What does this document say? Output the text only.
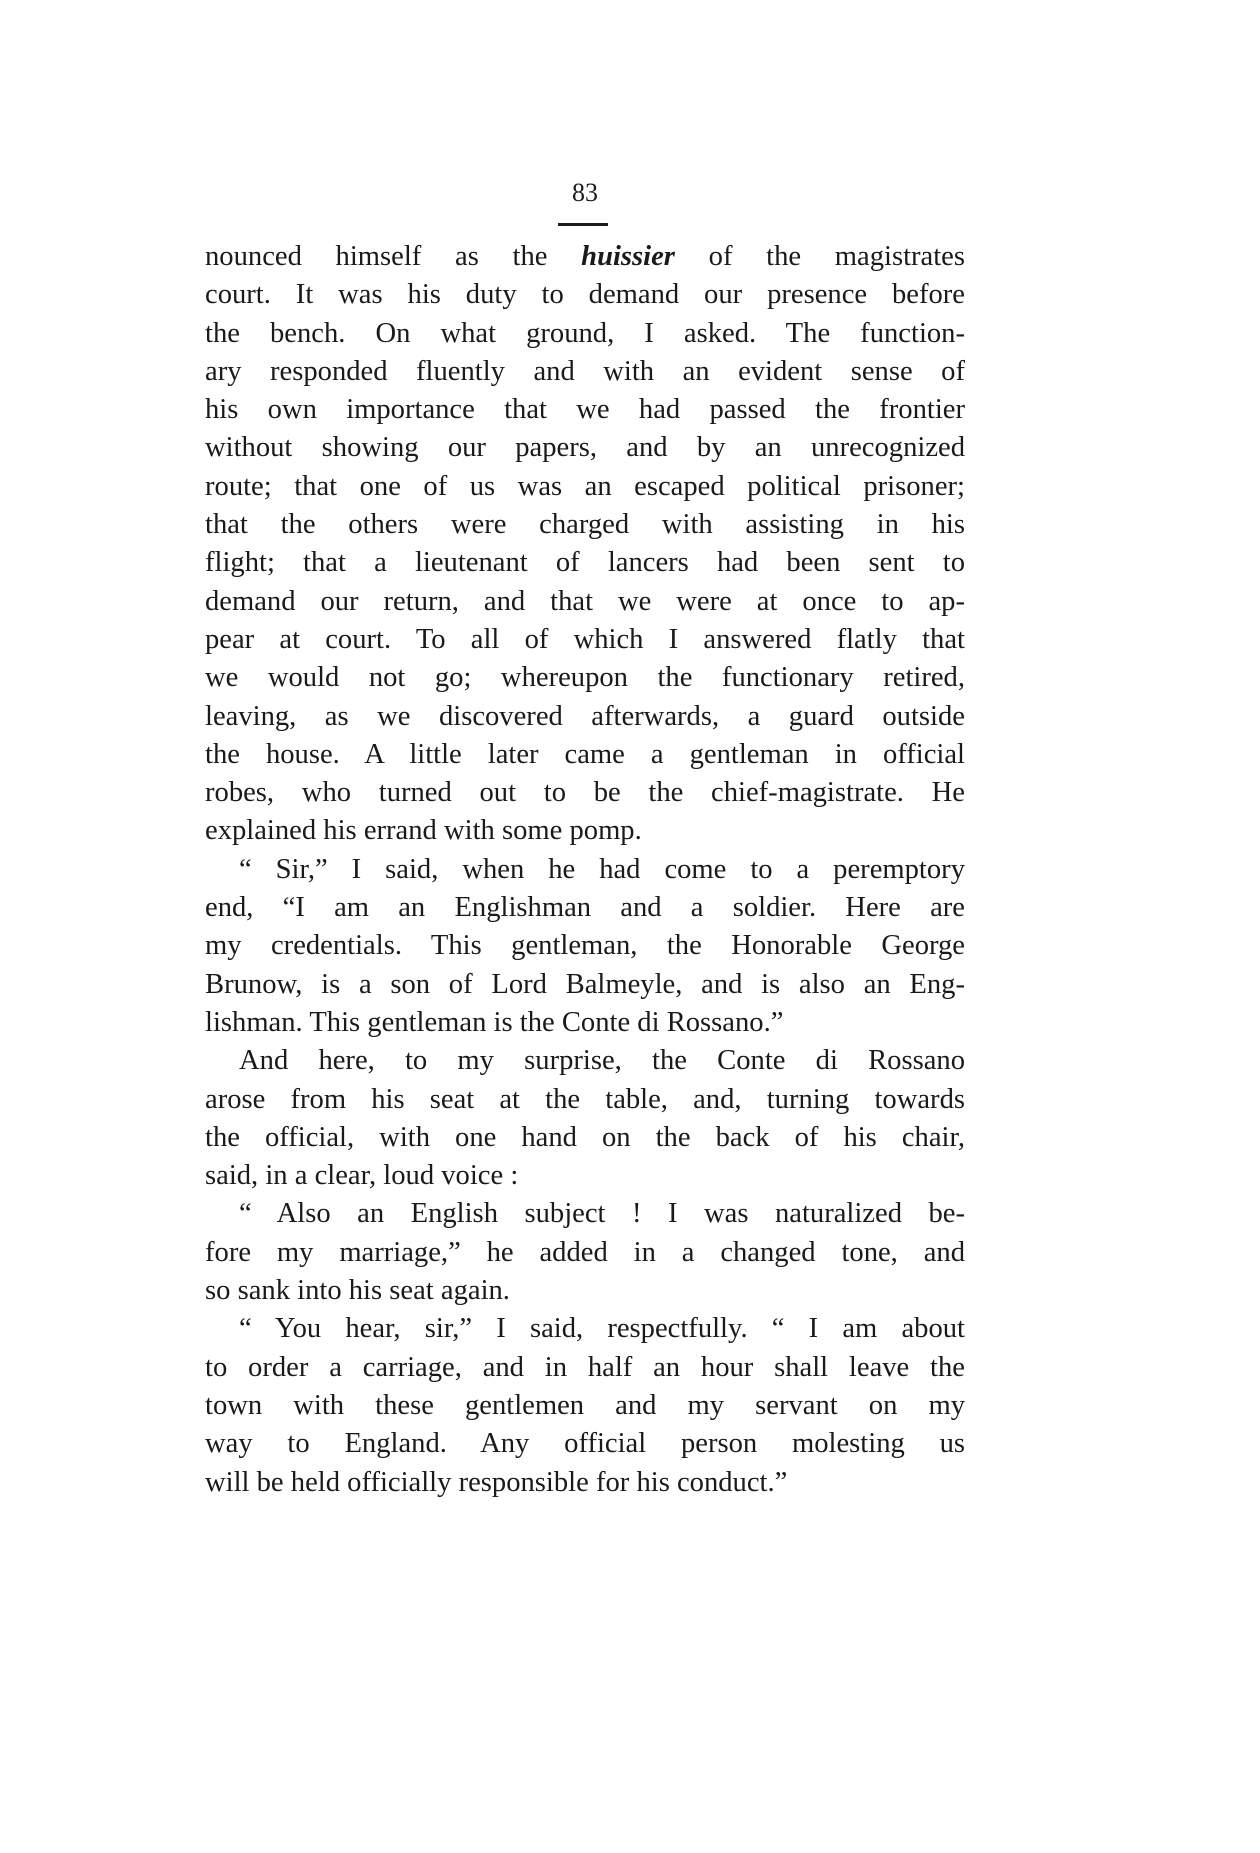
83
nounced himself as the huissier of the magistrates
court. It was his duty to demand our presence before
the bench. On what ground, I asked. The function-
ary responded fluently and with an evident sense of
his own importance that we had passed the frontier
without showing our papers, and by an unrecognized
route; that one of us was an escaped political prisoner;
that the others were charged with assisting in his
flight; that a lieutenant of lancers had been sent to
demand our return, and that we were at once to ap-
pear at court. To all of which I answered flatly that
we would not go; whereupon the functionary retired,
leaving, as we discovered afterwards, a guard outside
the house. A little later came a gentleman in official
robes, who turned out to be the chief-magistrate. He
explained his errand with some pomp.
“ Sir,” I said, when he had come to a peremptory
end, “I am an Englishman and a soldier. Here are
my credentials. This gentleman, the Honorable George
Brunow, is a son of Lord Balmeyle, and is also an Eng-
lishman. This gentleman is the Conte di Rossano.”
And here, to my surprise, the Conte di Rossano
arose from his seat at the table, and, turning towards
the official, with one hand on the back of his chair,
said, in a clear, loud voice :
“ Also an English subject ! I was naturalized be-
fore my marriage,” he added in a changed tone, and
so sank into his seat again.
“ You hear, sir,” I said, respectfully. “ I am about
to order a carriage, and in half an hour shall leave the
town with these gentlemen and my servant on my
way to England. Any official person molesting us
will be held officially responsible for his conduct.”
